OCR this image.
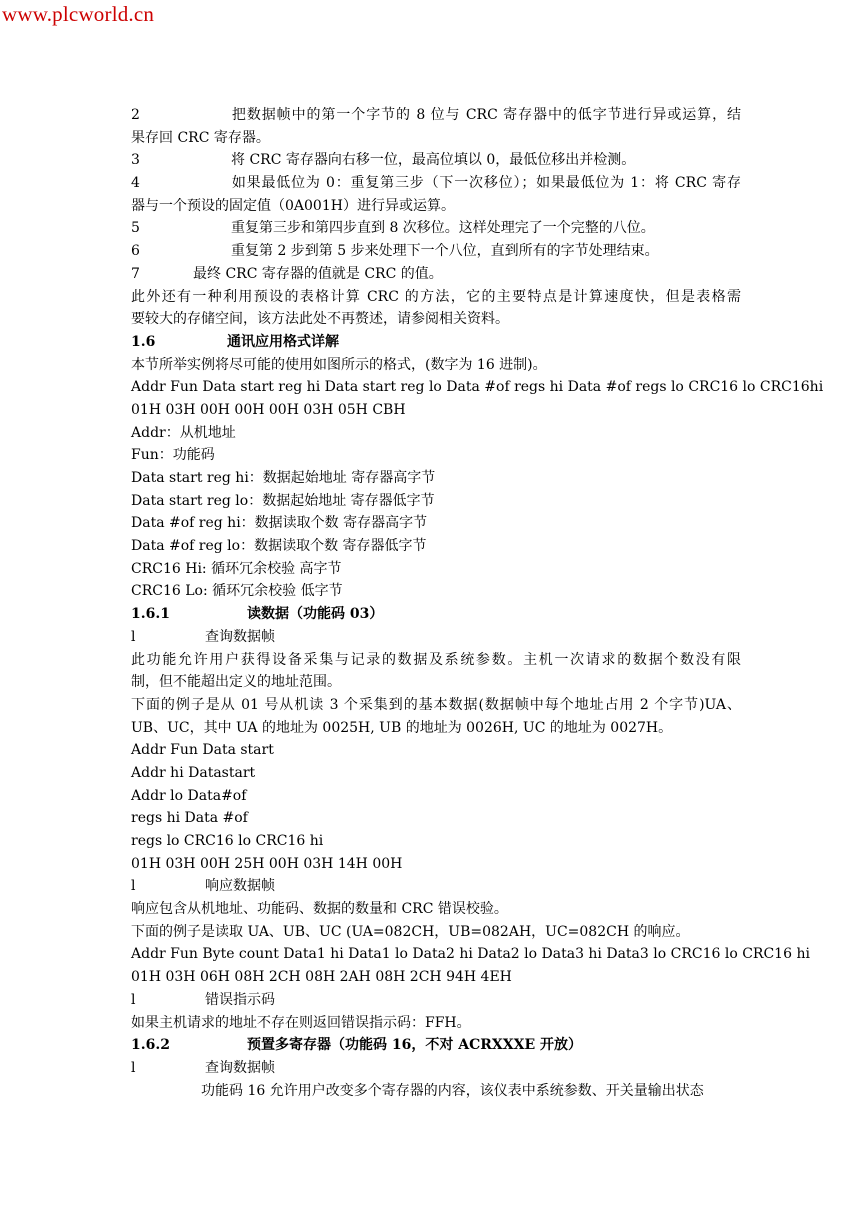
www.plcworld.cn
2	把数据帧中的第一个字节的 8 位与 CRC 寄存器中的低字节进行异或运算，结
果存回 CRC 寄存器。
3	将 CRC 寄存器向右移一位，最高位填以 0，最低位移出并检测。
4	如果最低位为 0：重复第三步（下一次移位）；如果最低位为 1：将 CRC 寄存
器与一个预设的固定值（0A001H）进行异或运算。
5	重复第三步和第四步直到 8 次移位。这样处理完了一个完整的八位。
6	重复第 2 步到第 5 步来处理下一个八位，直到所有的字节处理结束。
7	最终 CRC 寄存器的值就是 CRC 的值。
此外还有一种利用预设的表格计算 CRC 的方法，它的主要特点是计算速度快，但是表格需
要较大的存储空间，该方法此处不再赘述，请参阅相关资料。
1.6	通讯应用格式详解
本节所举实例将尽可能的使用如图所示的格式，(数字为 16 进制)。
Addr Fun Data start reg hi Data start reg lo Data #of regs hi Data #of regs lo CRC16 lo CRC16hi
01H 03H 00H 00H 00H 03H 05H CBH
Addr：从机地址
Fun：功能码
Data start reg hi：数据起始地址 寄存器高字节
Data start reg lo：数据起始地址 寄存器低字节
Data #of reg hi：数据读取个数 寄存器高字节
Data #of reg lo：数据读取个数 寄存器低字节
CRC16 Hi: 循环冗余校验 高字节
CRC16 Lo: 循环冗余校验 低字节
1.6.1	读数据（功能码 03）
l	查询数据帧
此功能允许用户获得设备采集与记录的数据及系统参数。主机一次请求的数据个数没有限
制，但不能超出定义的地址范围。
下面的例子是从 01 号从机读 3 个采集到的基本数据(数据帧中每个地址占用 2 个字节)UA、
UB、UC，其中 UA 的地址为 0025H, UB 的地址为 0026H, UC 的地址为 0027H。
Addr Fun Data start
Addr hi Datastart
Addr lo Data#of
regs hi Data #of
regs lo CRC16 lo CRC16 hi
01H 03H 00H 25H 00H 03H 14H 00H
l	响应数据帧
响应包含从机地址、功能码、数据的数量和 CRC 错误校验。
下面的例子是读取 UA、UB、UC (UA=082CH，UB=082AH，UC=082CH 的响应。
Addr Fun Byte count Data1 hi Data1 lo Data2 hi Data2 lo Data3 hi Data3 lo CRC16 lo CRC16 hi
01H 03H 06H 08H 2CH 08H 2AH 08H 2CH 94H 4EH
l	错误指示码
如果主机请求的地址不存在则返回错误指示码：FFH。
1.6.2	预置多寄存器（功能码 16，不对 ACRXXXE 开放）
l	查询数据帧
功能码 16 允许用户改变多个寄存器的内容，该仪表中系统参数、开关量输出状态
